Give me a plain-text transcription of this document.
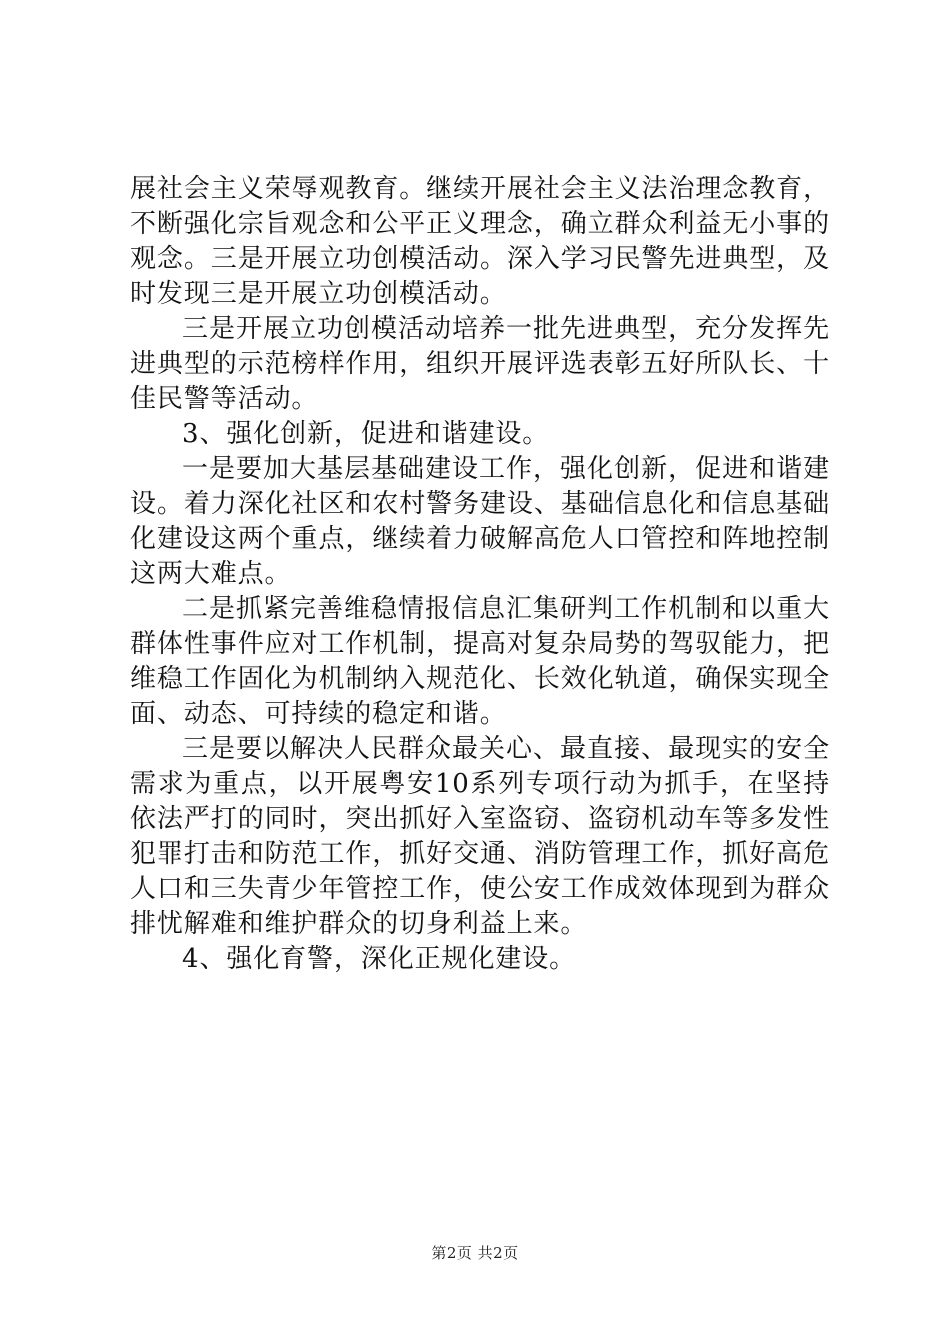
展社会主义荣辱观教育。继续开展社会主义法治理念教育，不断强化宗旨观念和公平正义理念，确立群众利益无小事的观念。三是开展立功创模活动。深入学习民警先进典型，及时发现三是开展立功创模活动。

三是开展立功创模活动培养一批先进典型，充分发挥先进典型的示范榜样作用，组织开展评选表彰五好所队长、十佳民警等活动。

3、强化创新，促进和谐建设。

一是要加大基层基础建设工作，强化创新，促进和谐建设。着力深化社区和农村警务建设、基础信息化和信息基础化建设这两个重点，继续着力破解高危人口管控和阵地控制这两大难点。

二是抓紧完善维稳情报信息汇集研判工作机制和以重大群体性事件应对工作机制，提高对复杂局势的驾驭能力，把维稳工作固化为机制纳入规范化、长效化轨道，确保实现全面、动态、可持续的稳定和谐。

三是要以解决人民群众最关心、最直接、最现实的安全需求为重点，以开展粤安10系列专项行动为抓手，在坚持依法严打的同时，突出抓好入室盗窃、盗窃机动车等多发性犯罪打击和防范工作，抓好交通、消防管理工作，抓好高危人口和三失青少年管控工作，使公安工作成效体现到为群众排忧解难和维护群众的切身利益上来。

4、强化育警，深化正规化建设。

第2页 共2页
